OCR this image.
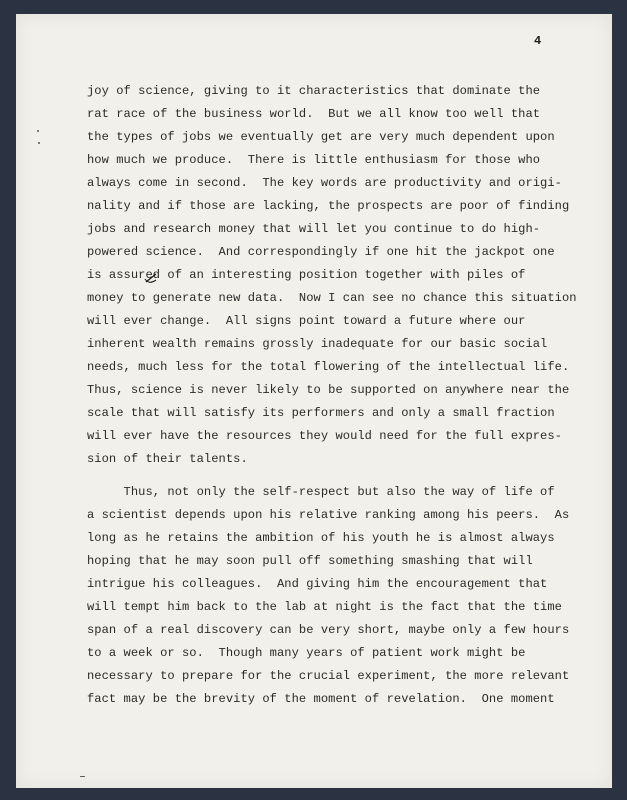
4
joy of science, giving to it characteristics that dominate the
rat race of the business world.  But we all know too well that
the types of jobs we eventually get are very much dependent upon
how much we produce.  There is little enthusiasm for those who
always come in second.  The key words are productivity and origi-
nality and if those are lacking, the prospects are poor of finding
jobs and research money that will let you continue to do high-
powered science.  And correspondingly if one hit the jackpot one
is assured of an interesting position together with piles of
money to generate new data.  Now I can see no chance this situation
will ever change.  All signs point toward a future where our
inherent wealth remains grossly inadequate for our basic social
needs, much less for the total flowering of the intellectual life.
Thus, science is never likely to be supported on anywhere near the
scale that will satisfy its performers and only a small fraction
will ever have the resources they would need for the full expres-
sion of their talents.
Thus, not only the self-respect but also the way of life of
a scientist depends upon his relative ranking among his peers.  As
long as he retains the ambition of his youth he is almost always
hoping that he may soon pull off something smashing that will
intrigue his colleagues.  And giving him the encouragement that
will tempt him back to the lab at night is the fact that the time
span of a real discovery can be very short, maybe only a few hours
to a week or so.  Though many years of patient work might be
necessary to prepare for the crucial experiment, the more relevant
fact may be the brevity of the moment of revelation.  One moment
